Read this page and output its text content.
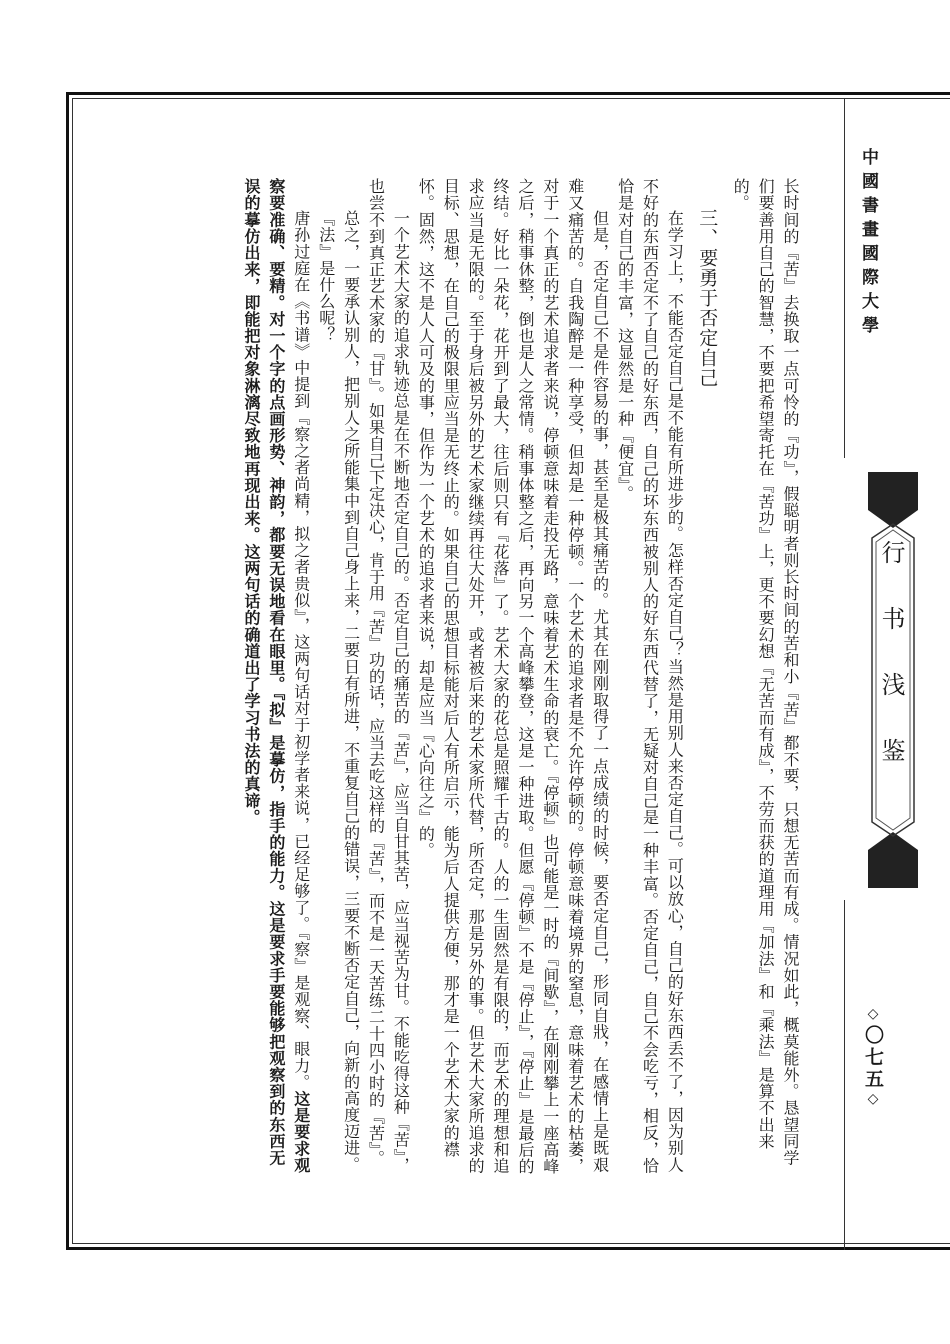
长时间的『苦』去换取一点可怜的『功』，假聪明者则长时间的苦和小『苦』都不要，只想无苦而有成。情况如此，概莫能外。恳望同学们要善用自己的智慧，不要把希望寄托在『苦功』上，更不要幻想『无苦而有成』，不劳而获的道理用『加法』和『乘法』是算不出来的。

三、要勇于否定自己

在学习上，不能否定自己是不能有所进步的。怎样否定自己？当然是用别人来否定自己。可以放心，自己的好东西丢不了，因为别人不好的东西否定不了自己的好东西，自己的坏东西被别人的好东西代替了，无疑对自己是一种丰富。否定自己，自己不会吃亏，相反，恰恰是对自己的丰富，这显然是一种『便宜』。

但是，否定自己不是件容易的事，甚至是极其痛苦的。尤其在刚刚取得了一点成绩的时候，要否定自己，形同自戕，在感情上是既艰难又痛苦的。自我陶醉是一种享受，但却是一种停顿。一个艺术的追求者是不允许停顿的。停顿意味着境界的窒息，意味着艺术的枯萎，对于一个真正的艺术追求者来说，停顿意味着走投无路，意味着艺术生命的衰亡。『停顿』也可能是一时的『间歇』，在刚刚攀上一座高峰之后，稍事休整，倒也是人之常情。稍事体整之后，再向另一个高峰攀登，这是一种进取。但愿『停顿』不是『停止』，『停止』是最后的终结。好比一朵花，花开到了最大，往后则只有『花落』了。艺术大家的花总是照耀千古的。人的一生固然是有限的，而艺术的理想和追求应当是无限的。至于身后被另外的艺术家继续再往大处开，或者被后来的艺术家所代替，所否定，那是另外的事。但艺术大家所追求的目标、思想，在自己的极限里应当是无终止的。如果自己的思想目标能对后人有所启示，能为后人提供方便，那才是一个艺术大家的襟怀。固然，这不是人人可及的事，但作为一个艺术的追求者来说，却是应当『心向往之』的。

一个艺术大家的追求轨迹总是在不断地否定自己的。否定自己的痛苦的『苦』，应当自甘其苦，应当视苦为甘。不能吃得这种『苦』，也尝不到真正艺术家的『甘』。如果自己下定决心，肯于用『苦』功的话，应当去吃这样的『苦』，而不是一天苦练二十四小时的『苦』。

总之，一要承认别人，把别人之所能集中到自己身上来，二要日有所进，不重复自己的错误，三要不断否定自己，向新的高度迈进。

『法』是什么呢？

唐孙过庭在《书谱》中提到『察之者尚精，拟之者贵似』，这两句话对于初学者来说，已经足够了。『察』是观察、眼力。这是要求观察要准确、要精。对一个字的点画形势、神韵，都要无误地看在眼里。『拟』是摹仿，指手的能力。这是要求手要能够把观察到的东西无误的摹仿出来，即能把对象淋漓尽致地再现出来。这两句话的确道出了学习书法的真谛。	中國書畫國際大學
行书浅鉴
◇〇七五◇
